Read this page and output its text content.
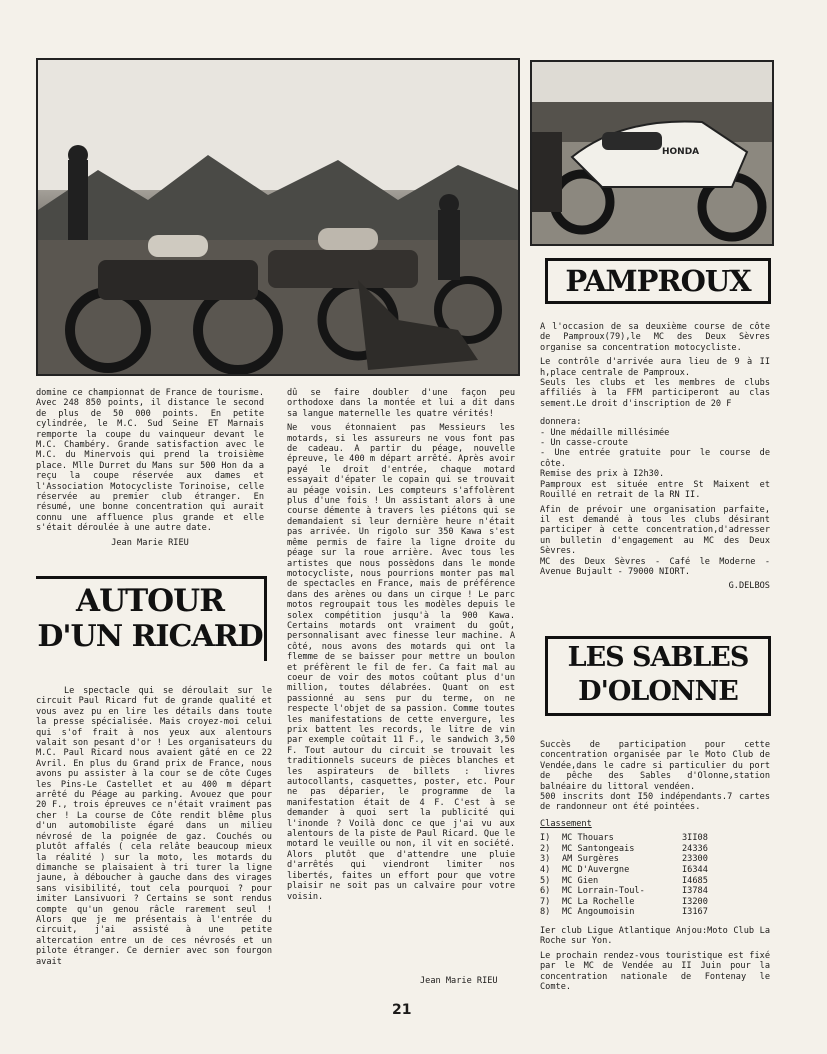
HONDA

domine ce championnat de France de tourisme. Avec 248 850 points, il distance le second de plus de 50 000 points. En petite cylindrée, le M.C. Sud Seine ET Marnais remporte la coupe du vainqueur devant le M.C. Chambéry. Grande satisfaction avec le M.C. du Minervois qui prend la troisième place. Mlle Durret du Mans sur 500 Hon da a reçu la coupe réservée aux dames et l'Association Motocycliste Torinoise, celle réservée au premier club étranger. En résumé, une bonne concentration qui aurait connu une affluence plus grande et elle s'était déroulée à une autre date.

Jean Marie RIEU

AUTOUR
D'UN RICARD

Le spectacle qui se déroulait sur le circuit Paul Ricard fut de grande qualité et vous avez pu en lire les détails dans toute la presse spécialisée. Mais croyez-moi celui qui s'of frait à nos yeux aux alentours valait son pesant d'or ! Les organisateurs du M.C. Paul Ricard nous avaient gâté en ce 22 Avril. En plus du Grand prix de France, nous avons pu assister à la cour se de côte Cuges les Pins-Le Castellet et au 400 m départ arrêté du Péage au parking. Avouez que pour 20 F., trois épreuves ce n'était vraiment pas cher ! La course de Côte rendit blême plus d'un automobiliste égaré dans un milieu névrosé de la poignée de gaz. Couchés ou plutôt affalés ( cela relâte beaucoup mieux la réalité ) sur la moto, les motards du dimanche se plaisaient à tri turer la ligne jaune, à déboucher à gauche dans des virages sans visibilité, tout cela pourquoi ? pour imiter Lansivuori ? Certains se sont rendus compte qu'un genou râcle rarement seul ! Alors que je me présentais à l'entrée du circuit, j'ai assisté à une petite altercation entre un de ces névrosés et un pilote étranger. Ce dernier avec son fourgon avait

dû se faire doubler d'une façon peu orthodoxe dans la montée et lui a dit dans sa langue maternelle les quatre vérités!

Ne vous étonnaient pas Messieurs les motards, si les assureurs ne vous font pas de cadeau. A partir du péage, nouvelle épreuve, le 400 m départ arrêté. Après avoir payé le droit d'entrée, chaque motard essayait d'épater le copain qui se trouvait au péage voisin. Les compteurs s'affolèrent plus d'une fois ! Un assistant alors à une course démente à travers les piétons qui se demandaient si leur dernière heure n'était pas arrivée. Un rigolo sur 350 Kawa s'est même permis de faire la ligne droite du péage sur la roue arrière. Avec tous les artistes que nous possèdons dans le monde motocycliste, nous pourrions monter pas mal de spectacles en France, mais de préférence dans des arènes ou dans un cirque ! Le parc motos regroupait tous les modèles depuis le solex compétition jusqu'à la 900 Kawa. Certains motards ont vraiment du goût, personnalisant avec finesse leur machine. A côté, nous avons des motards qui ont la flemme de se baisser pour mettre un boulon et préfèrent le fil de fer. Ca fait mal au coeur de voir des motos coûtant plus d'un million, toutes délabrées. Quant on est passionné au sens pur du terme, on ne respecte l'objet de sa passion. Comme toutes les manifestations de cette envergure, les prix battent les records, le litre de vin par exemple coûtait 11 F., le sandwich 3,50 F. Tout autour du circuit se trouvait les traditionnels suceurs de pièces blanches et les aspirateurs de billets : livres autocollants, casquettes, poster, etc. Pour ne pas déparier, le programme de la manifestation était de 4 F. C'est à se demander à quoi sert la publicité qui l'inonde ? Voilà donc ce que j'ai vu aux alentours de la piste de Paul Ricard. Que le motard le veuille ou non, il vit en société. Alors plutôt que d'attendre une pluie d'arrêtés qui viendront limiter nos libertés, faites un effort pour que votre plaisir ne soit pas un calvaire pour votre voisin.

Jean Marie RIEU
PAMPROUX

A l'occasion de sa deuxième course de côte de Pamproux(79),le MC des Deux Sèvres organise sa concentration motocycliste.

Le contrôle d'arrivée aura lieu de 9 à II h,place centrale de Pamproux.

Seuls les clubs et les membres de clubs affiliés à la FFM participeront au clas sement.Le droit d'inscription de 20 F

donnera:

- Une médaille millésimée
- Un casse-croute
- Une entrée gratuite pour le course de côte.

Remise des prix à I2h30.

Pamproux est située entre St Maixent et Rouillé en retrait de la RN II.

Afin de prévoir une organisation parfaite, il est demandé à tous les clubs désirant participer à cette concentration,d'adresser un bulletin d'engagement au MC des Deux Sèvres.

MC des Deux Sèvres - Café le Moderne - Avenue Bujault - 79000 NIORT.

G.DELBOS

LES SABLES
D'OLONNE

Succès de participation pour cette concentration organisée par le Moto Club de Vendée,dans le cadre si particulier du port de pêche des Sables d'Olonne,station balnéaire du littoral vendéen.

500 inscrits dont I50 indépendants.7 cartes de randonneur ont été pointées.

Classement
I)	MC Thouars	3II08
2)	MC Santongeais	24336
3)	AM Surgères	23300
4)	MC D'Auvergne	I6344
5)	MC Gien	I4685
6)	MC Lorrain-Toul-	I3784
7)	MC La Rochelle	I3200
8)	MC Angoumoisin	I3167

Ier club Ligue Atlantique Anjou:Moto Club La Roche sur Yon.

Le prochain rendez-vous touristique est fixé par le MC de Vendée au II Juin pour la concentration nationale de Fontenay le Comte.

21
